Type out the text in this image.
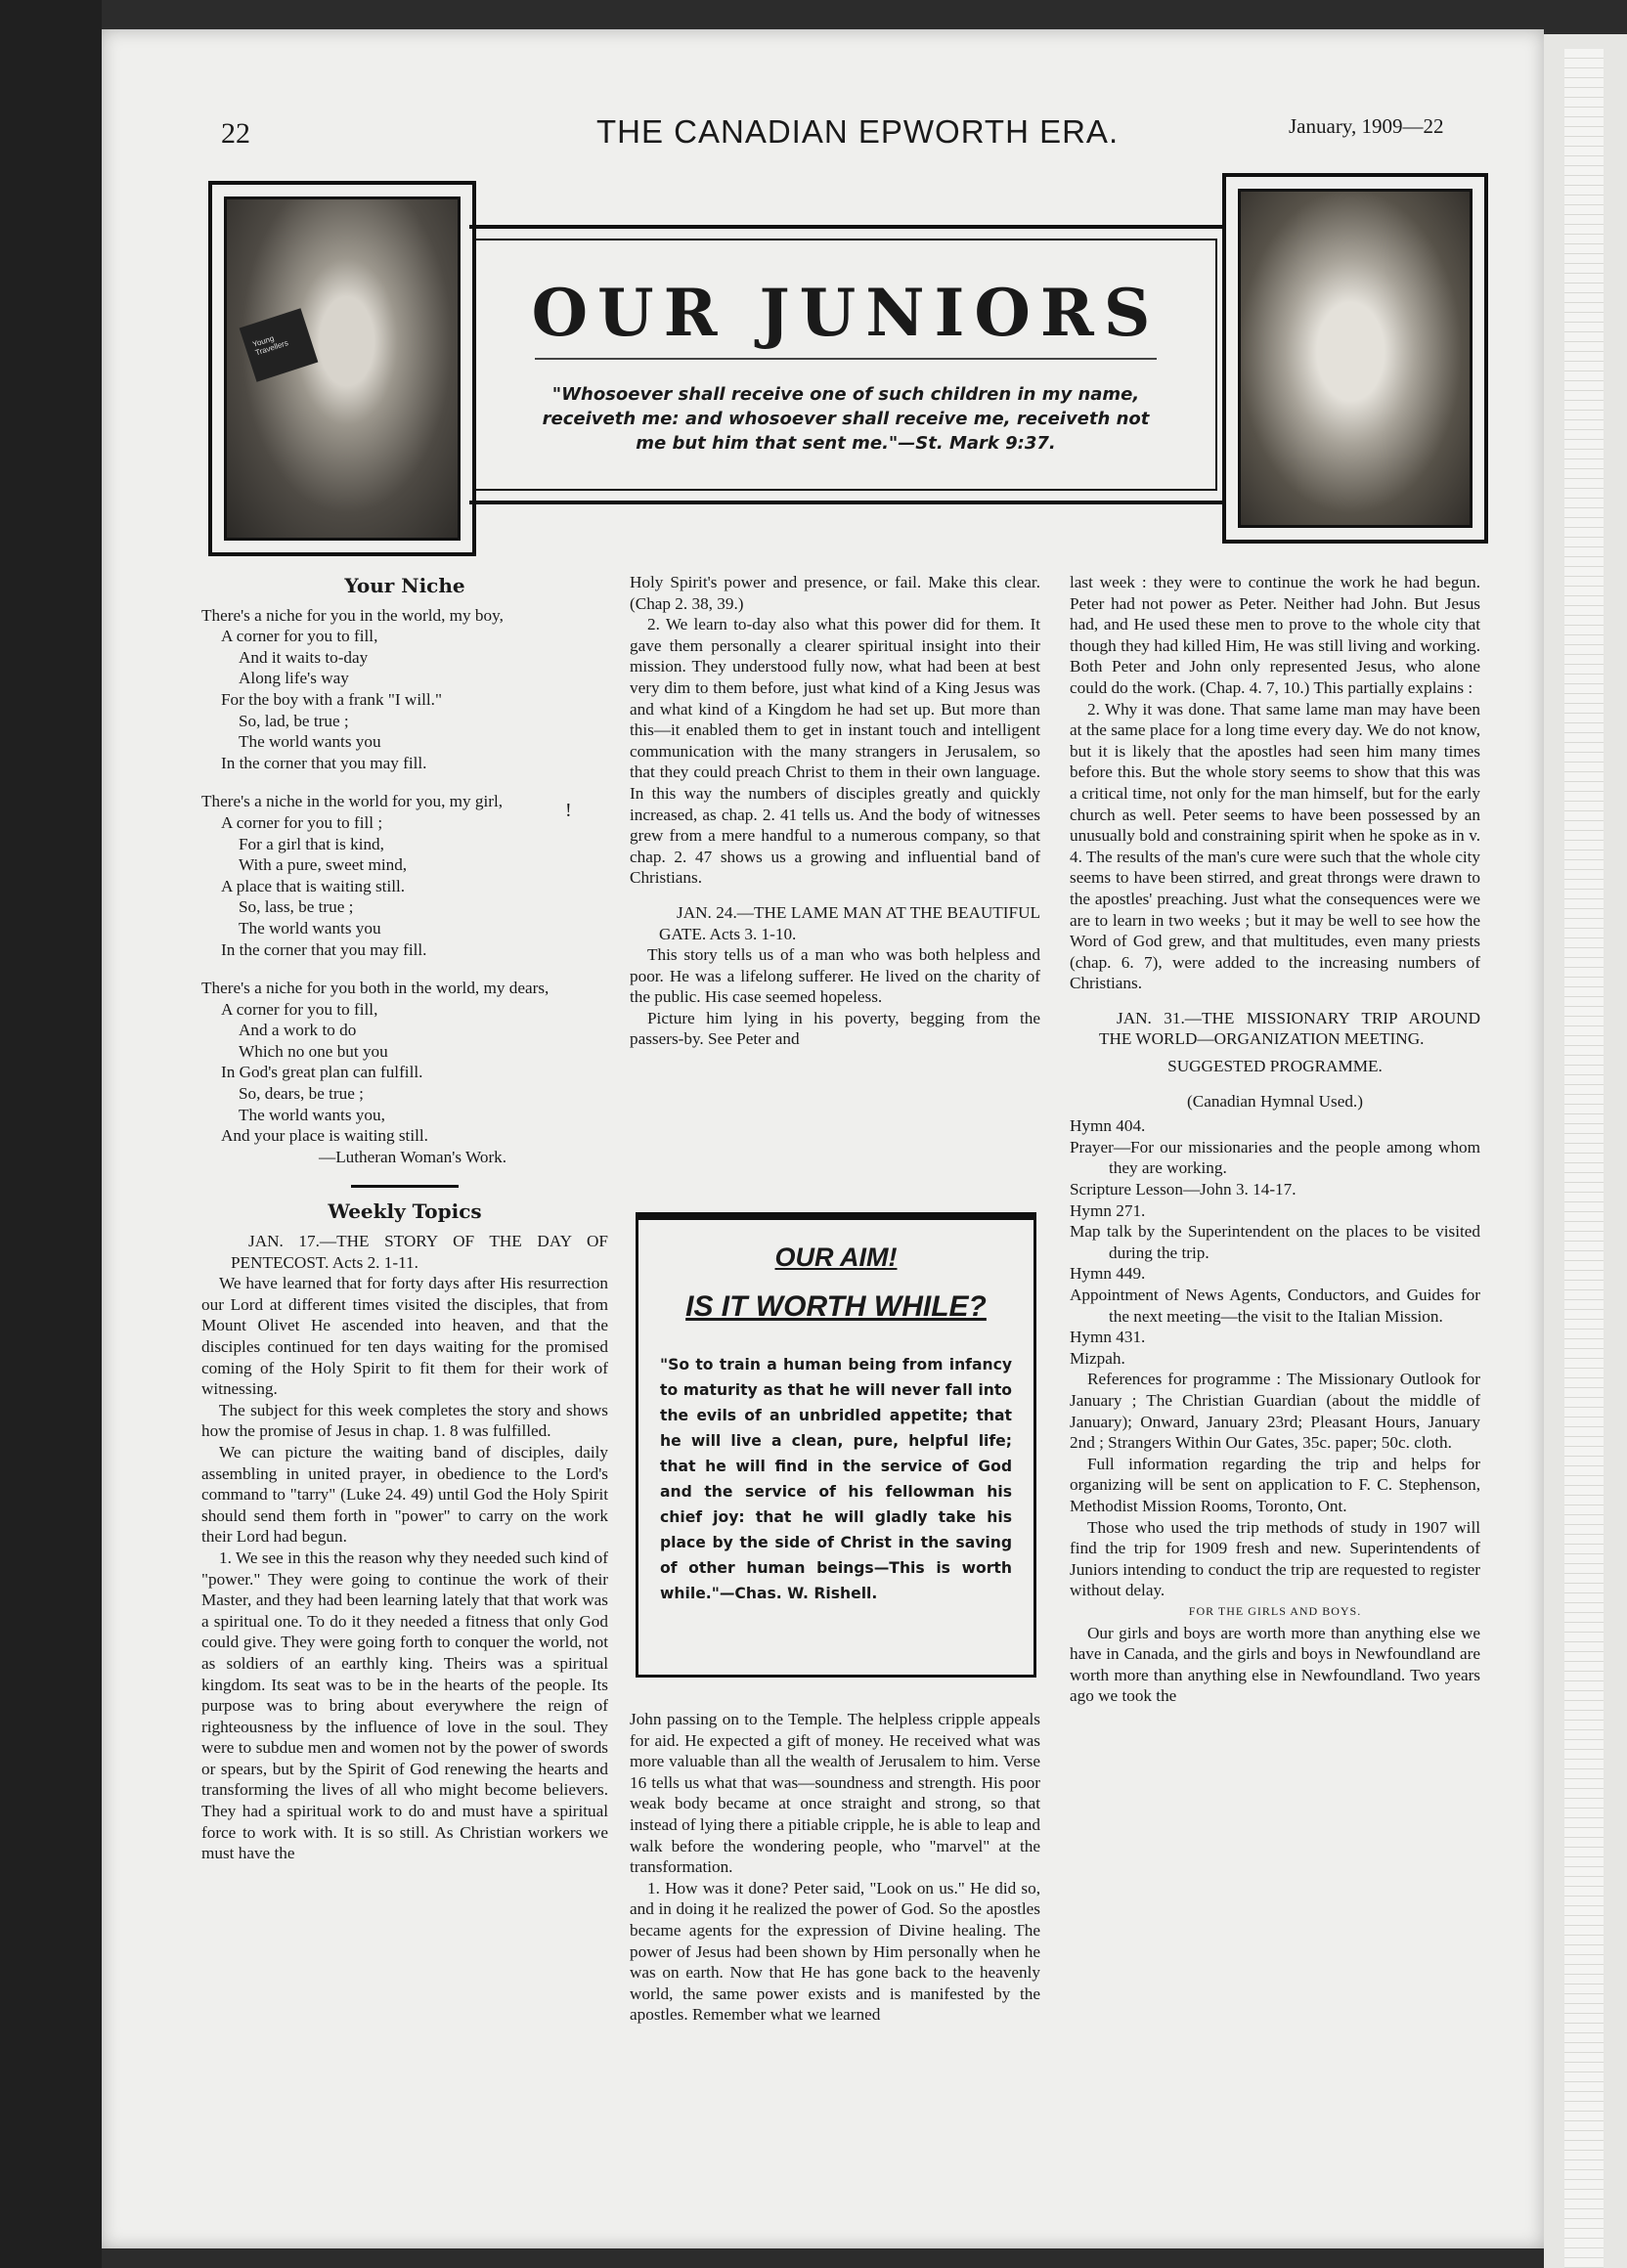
22	THE CANADIAN EPWORTH ERA.	January, 1909—22
Young Travellers	OUR JUNIORS
"Whosoever shall receive one of such children in my name, receiveth me: and whosoever shall receive me, receiveth not me but him that sent me."—St. Mark 9:37.
Your Niche
There's a niche for you in the world, my boy,
A corner for you to fill,
And it waits to-day
Along life's way
For the boy with a frank "I will."
So, lad, be true ;
The world wants you
In the corner that you may fill.
There's a niche in the world for you, my girl,
A corner for you to fill ;
For a girl that is kind,
With a pure, sweet mind,
A place that is waiting still.
So, lass, be true ;
The world wants you
In the corner that you may fill.
There's a niche for you both in the world, my dears,
A corner for you to fill,
And a work to do
Which no one but you
In God's great plan can fulfill.
So, dears, be true ;
The world wants you,
And your place is waiting still.
—Lutheran Woman's Work.
Weekly Topics

JAN. 17.—THE STORY OF THE DAY OF PENTECOST. Acts 2. 1-11.

We have learned that for forty days after His resurrection our Lord at different times visited the disciples, that from Mount Olivet He ascended into heaven, and that the disciples continued for ten days waiting for the promised coming of the Holy Spirit to fit them for their work of witnessing.

The subject for this week completes the story and shows how the promise of Jesus in chap. 1. 8 was fulfilled.

We can picture the waiting band of disciples, daily assembling in united prayer, in obedience to the Lord's command to "tarry" (Luke 24. 49) until God the Holy Spirit should send them forth in "power" to carry on the work their Lord had begun.

1. We see in this the reason why they needed such kind of "power." They were going to continue the work of their Master, and they had been learning lately that that work was a spiritual one. To do it they needed a fitness that only God could give. They were going forth to conquer the world, not as soldiers of an earthly king. Theirs was a spiritual kingdom. Its seat was to be in the hearts of the people. Its purpose was to bring about everywhere the reign of righteousness by the influence of love in the soul. They were to subdue men and women not by the power of swords or spears, but by the Spirit of God renewing the hearts and transforming the lives of all who might become believers. They had a spiritual work to do and must have a spiritual force to work with. It is so still. As Christian workers we must have the

!

Holy Spirit's power and presence, or fail. Make this clear. (Chap 2. 38, 39.)

2. We learn to-day also what this power did for them. It gave them personally a clearer spiritual insight into their mission. They understood fully now, what had been at best very dim to them before, just what kind of a King Jesus was and what kind of a Kingdom he had set up. But more than this—it enabled them to get in instant touch and intelligent communication with the many strangers in Jerusalem, so that they could preach Christ to them in their own language. In this way the numbers of disciples greatly and quickly increased, as chap. 2. 41 tells us. And the body of witnesses grew from a mere handful to a numerous company, so that chap. 2. 47 shows us a growing and influential band of Christians.

JAN. 24.—THE LAME MAN AT THE BEAUTIFUL GATE. Acts 3. 1-10.

This story tells us of a man who was both helpless and poor. He was a lifelong sufferer. He lived on the charity of the public. His case seemed hopeless.

Picture him lying in his poverty, begging from the passers-by. See Peter and

OUR AIM!
IS IT WORTH WHILE?
"So to train a human being from infancy to maturity as that he will never fall into the evils of an unbridled appetite; that he will live a clean, pure, helpful life; that he will find in the service of God and the service of his fellowman his chief joy: that he will gladly take his place by the side of Christ in the saving of other human beings—This is worth while."—Chas. W. Rishell.

John passing on to the Temple. The helpless cripple appeals for aid. He expected a gift of money. He received what was more valuable than all the wealth of Jerusalem to him. Verse 16 tells us what that was—soundness and strength. His poor weak body became at once straight and strong, so that instead of lying there a pitiable cripple, he is able to leap and walk before the wondering people, who "marvel" at the transformation.

1. How was it done? Peter said, "Look on us." He did so, and in doing it he realized the power of God. So the apostles became agents for the expression of Divine healing. The power of Jesus had been shown by Him personally when he was on earth. Now that He has gone back to the heavenly world, the same power exists and is manifested by the apostles. Remember what we learned

last week : they were to continue the work he had begun. Peter had not power as Peter. Neither had John. But Jesus had, and He used these men to prove to the whole city that though they had killed Him, He was still living and working. Both Peter and John only represented Jesus, who alone could do the work. (Chap. 4. 7, 10.) This partially explains :

2. Why it was done. That same lame man may have been at the same place for a long time every day. We do not know, but it is likely that the apostles had seen him many times before this. But the whole story seems to show that this was a critical time, not only for the man himself, but for the early church as well. Peter seems to have been possessed by an unusually bold and constraining spirit when he spoke as in v. 4. The results of the man's cure were such that the whole city seems to have been stirred, and great throngs were drawn to the apostles' preaching. Just what the consequences were we are to learn in two weeks ; but it may be well to see how the Word of God grew, and that multitudes, even many priests (chap. 6. 7), were added to the increasing numbers of Christians.

JAN. 31.—THE MISSIONARY TRIP AROUND THE WORLD—ORGANIZATION MEETING.

SUGGESTED PROGRAMME.

(Canadian Hymnal Used.)

Hymn 404.

Prayer—For our missionaries and the people among whom they are working.

Scripture Lesson—John 3. 14-17.

Hymn 271.

Map talk by the Superintendent on the places to be visited during the trip.

Hymn 449.

Appointment of News Agents, Conductors, and Guides for the next meeting—the visit to the Italian Mission.

Hymn 431.

Mizpah.

References for programme : The Missionary Outlook for January ; The Christian Guardian (about the middle of January); Onward, January 23rd; Pleasant Hours, January 2nd ; Strangers Within Our Gates, 35c. paper; 50c. cloth.

Full information regarding the trip and helps for organizing will be sent on application to F. C. Stephenson, Methodist Mission Rooms, Toronto, Ont.

Those who used the trip methods of study in 1907 will find the trip for 1909 fresh and new. Superintendents of Juniors intending to conduct the trip are requested to register without delay.

FOR THE GIRLS AND BOYS.

Our girls and boys are worth more than anything else we have in Canada, and the girls and boys in Newfoundland are worth more than anything else in Newfoundland. Two years ago we took the
